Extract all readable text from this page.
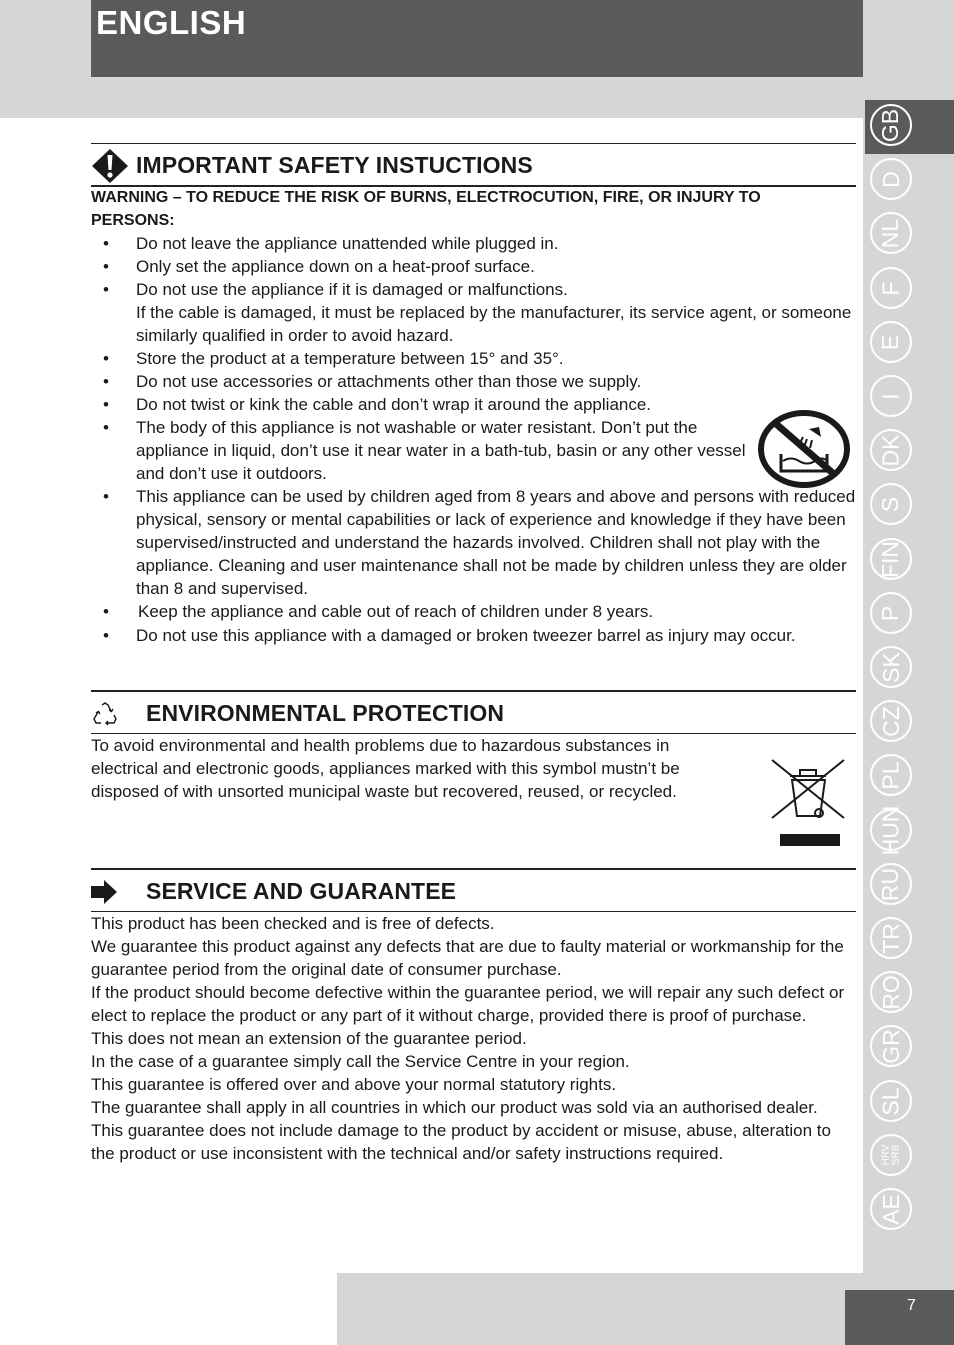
ENGLISH
GB
D
NL
F
E
I
DK
S
FIN
P
SK
CZ
PL
HUN
RU
TR
RO
GR
SL
HRV
SRB
AE
7
IMPORTANT SAFETY INSTUCTIONS
WARNING – TO REDUCE THE RISK OF BURNS, ELECTROCUTION, FIRE, OR INJURY TO PERSONS:
• Do not leave the appliance unattended while plugged in.
• Only set the appliance down on a heat-proof surface.
• Do not use the appliance if it is damaged or malfunctions.
If the cable is damaged, it must be replaced by the manufacturer, its service agent, or someone similarly qualified in order to avoid hazard.
• Store the product at a temperature between 15° and 35°.
• Do not use accessories or attachments other than those we supply.
• Do not twist or kink the cable and don’t wrap it around the appliance.
• The body of this appliance is not washable or water resistant. Don’t put the appliance in liquid, don’t use it near water in a bath-tub, basin or any other vessel and don’t use it outdoors.
• This appliance can be used by children aged from 8 years and above and persons with reduced physical, sensory or mental capabilities or lack of experience and knowledge if they have been supervised/instructed and understand the hazards involved. Children shall not play with the appliance. Cleaning and user maintenance shall not be made by children unless they are older than 8 and supervised.
• Keep the appliance and cable out of reach of children under 8 years.
• Do not use this appliance with a damaged or broken tweezer barrel as injury may occur.
ENVIRONMENTAL PROTECTION
To avoid environmental and health problems due to hazardous substances in electrical and electronic goods, appliances marked with this symbol mustn’t be disposed of with unsorted municipal waste but recovered, reused, or recycled.
SERVICE AND GUARANTEE

This product has been checked and is free of defects.

We guarantee this product against any defects that are due to faulty material or workmanship for the guarantee period from the original date of consumer purchase.

If the product should become defective within the guarantee period, we will repair any such defect or elect to replace the product or any part of it without charge, provided there is proof of purchase.

This does not mean an extension of the guarantee period.

In the case of a guarantee simply call the Service Centre in your region.

This guarantee is offered over and above your normal statutory rights.

The guarantee shall apply in all countries in which our product was sold via an authorised dealer.

This guarantee does not include damage to the product by accident or misuse, abuse, alteration to the product or use inconsistent with the technical and/or safety instructions required.
